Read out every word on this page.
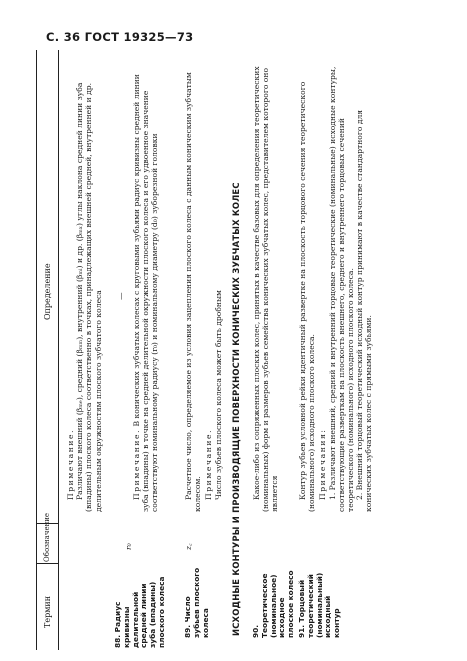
С. 36 ГОСТ 19325—73
Термин
Обозначение
Определение

Примечание. Различают внешний (βₘₑ), средний (βₘₘ), внутренний (βₘᵢ) и др. (βₘₓ) углы наклона средней линии зуба (впадины) плоского колеса соответственно в точках, принадлежащих внешней средней, внутренней и др. делительным окружностям плоского зубчатого колеса

88. Радиус кривизны делительной средней линии зуба (впадины) плоского колеса
r₀
—

Примечание. В конических зубчатых колесах с круговыми зубьями радиус кривизны средней линии зуба (впадины) в точке на средней делительной окружности плоского колеса и его удвоенное значение соответствуют номинальному радиусу (r₀) и номинальному диаметру (d₀) зуборезной головки

89. Число зубьев плоского колеса
z꜀

Расчетное число, определяемое из условия зацепления плоского колеса с данным коническим зубчатым колесом. Примечание. Число зубьев плоского колеса может быть дробным ИСХОДНЫЕ КОНТУРЫ И ПРОИЗВОДЯЩИЕ ПОВЕРХНОСТИ КОНИЧЕСКИХ ЗУБЧАТЫХ КОЛЕС 90. Теоретическое (номинальное) исходное плоское колесо

Какое-либо из сопряженных плоских колес, принятых в качестве базовых для определения теоретических (номинальных) форм и размеров зубьев семейства конических зубчатых колес, представителем которого оно является

91. Торцовый теоретический (номинальный) исходный контур

Контур зубьев условной рейки идентичный развертке на плоскость торцового сечения теоретического (номинального) исходного плоского колеса. Примечания: 1. Различают внешний, средний и внутренний торцовые теоретические (номинальные) исходные контуры, соответствующие разверткам на плоскость внешнего, среднего и внутреннего торцовых сечений теоретического (номинального) исходного плоского колеса. 2. Внешний торцовый теоретический исходный контур принимают в качестве стандартного для конических зубчатых колес с прямыми зубьями.
